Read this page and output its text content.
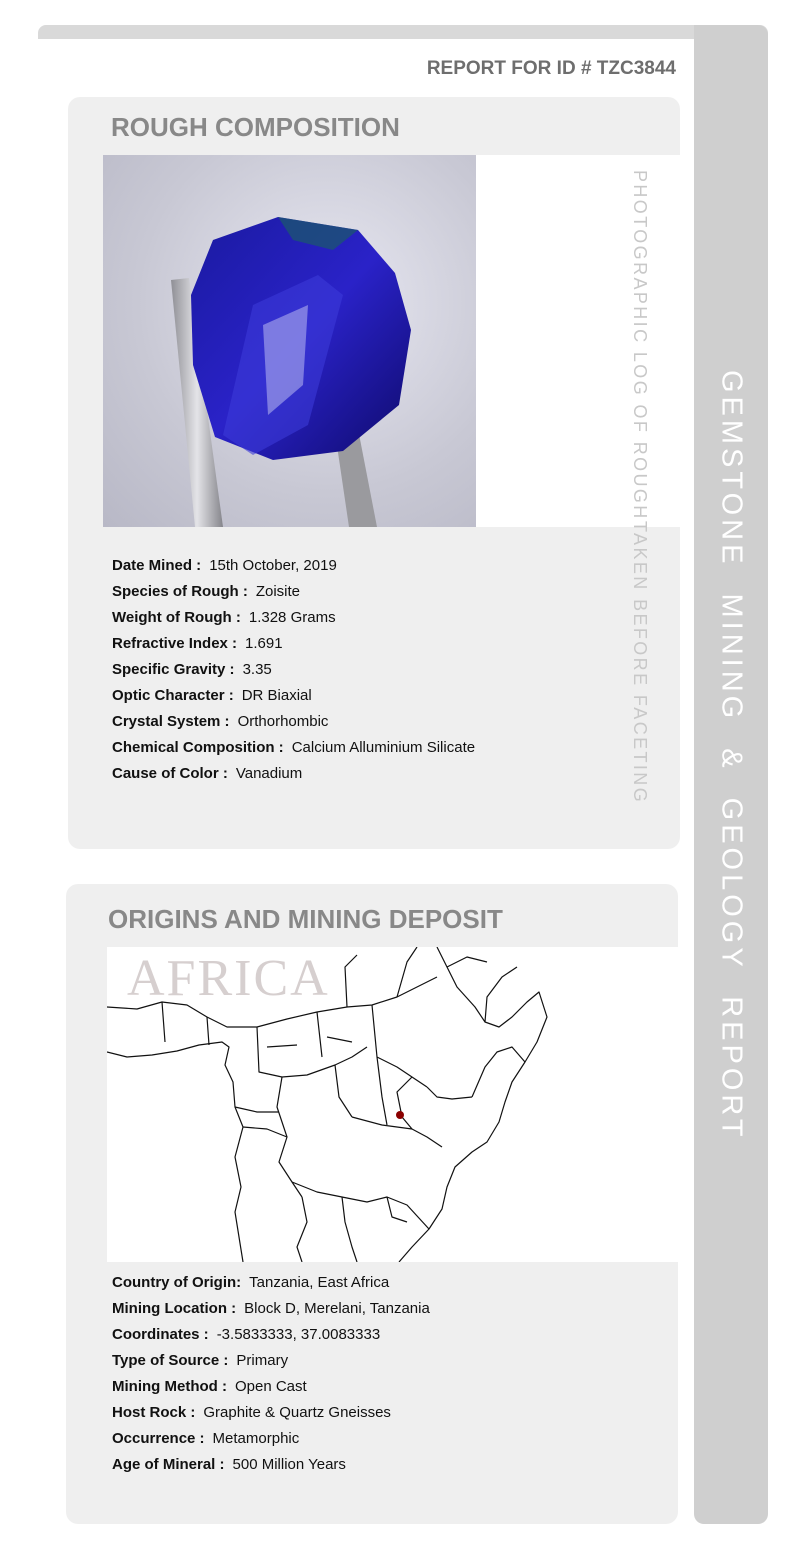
GEMSTONE MINING & GEOLOGY REPORT
REPORT FOR ID # TZC3844
ROUGH COMPOSITION
PHOTOGRAPHIC LOG OF ROUGH
TAKEN BEFORE FACETING
Date Mined : 15th October, 2019
Species of Rough : Zoisite
Weight of Rough : 1.328 Grams
Refractive Index : 1.691
Specific Gravity : 3.35
Optic Character : DR Biaxial
Crystal System : Orthorhombic
Chemical Composition : Calcium Alluminium Silicate
Cause of Color : Vanadium
ORIGINS AND MINING DEPOSIT
AFRICA
Country of Origin: Tanzania, East Africa
Mining Location : Block D, Merelani, Tanzania
Coordinates : -3.5833333, 37.0083333
Type of Source : Primary
Mining Method : Open Cast
Host Rock : Graphite & Quartz Gneisses
Occurrence : Metamorphic
Age of Mineral : 500 Million Years
